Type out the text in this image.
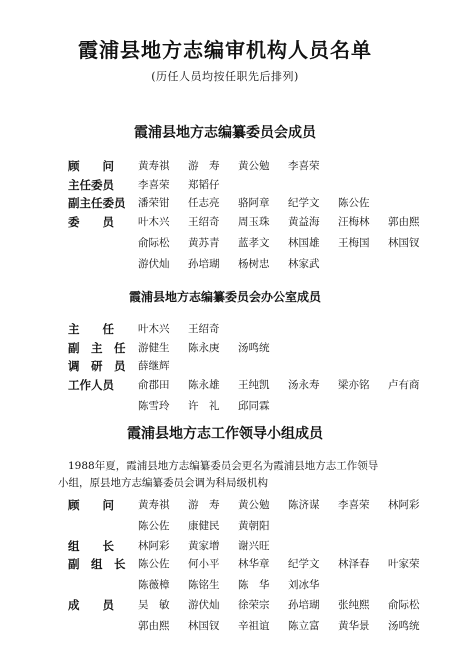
霞浦县地方志编审机构人员名单
(历任人员均按任职先后排列)
霞浦县地方志编纂委员会成员
顾　　问	黄寿祺 游　寿 黄公勉 李喜荣
主任委员	李喜荣 郑韬仔
副主任委员	潘荣钳 任志亮 骆阿章 纪学文 陈公佐
委　　员	叶木兴 王绍奇 周玉珠 黄益海 汪梅林 郭由熙
俞际松 黄苏青 蓝孝文 林国雄 王梅国 林国钗
游伏灿 孙培瑚 杨树忠 林家武
霞浦县地方志编纂委员会办公室成员
主　　任	叶木兴 王绍奇
副　主　任	游健生 陈永庚 汤鸣统
调　研　员	薛继辉
工作人员	俞郡田 陈永雄 王纯凯 汤永寿 梁亦铭 卢有商
陈雪玲 许　礼 邱同霖
霞浦县地方志工作领导小组成员
1988年夏，霞浦县地方志编纂委员会更名为霞浦县地方志工作领导
小组，原县地方志编纂委员会调为科局级机构
顾　　问	黄寿祺 游　寿 黄公勉 陈济谋 李喜荣 林阿彩
陈公佐 康健民 黄朝阳
组　　长	林阿彩 黄家增 谢兴旺
副　组　长	陈公佐 何小平 林华章 纪学文 林泽春 叶家荣
陈薇樟 陈铭生 陈　华 刘冰华
成　　员	吴　敏 游伏灿 徐荣宗 孙培瑚 张纯熙 俞际松
郭由熙 林国钗 辛祖谊 陈立富 黄华景 汤鸣统
